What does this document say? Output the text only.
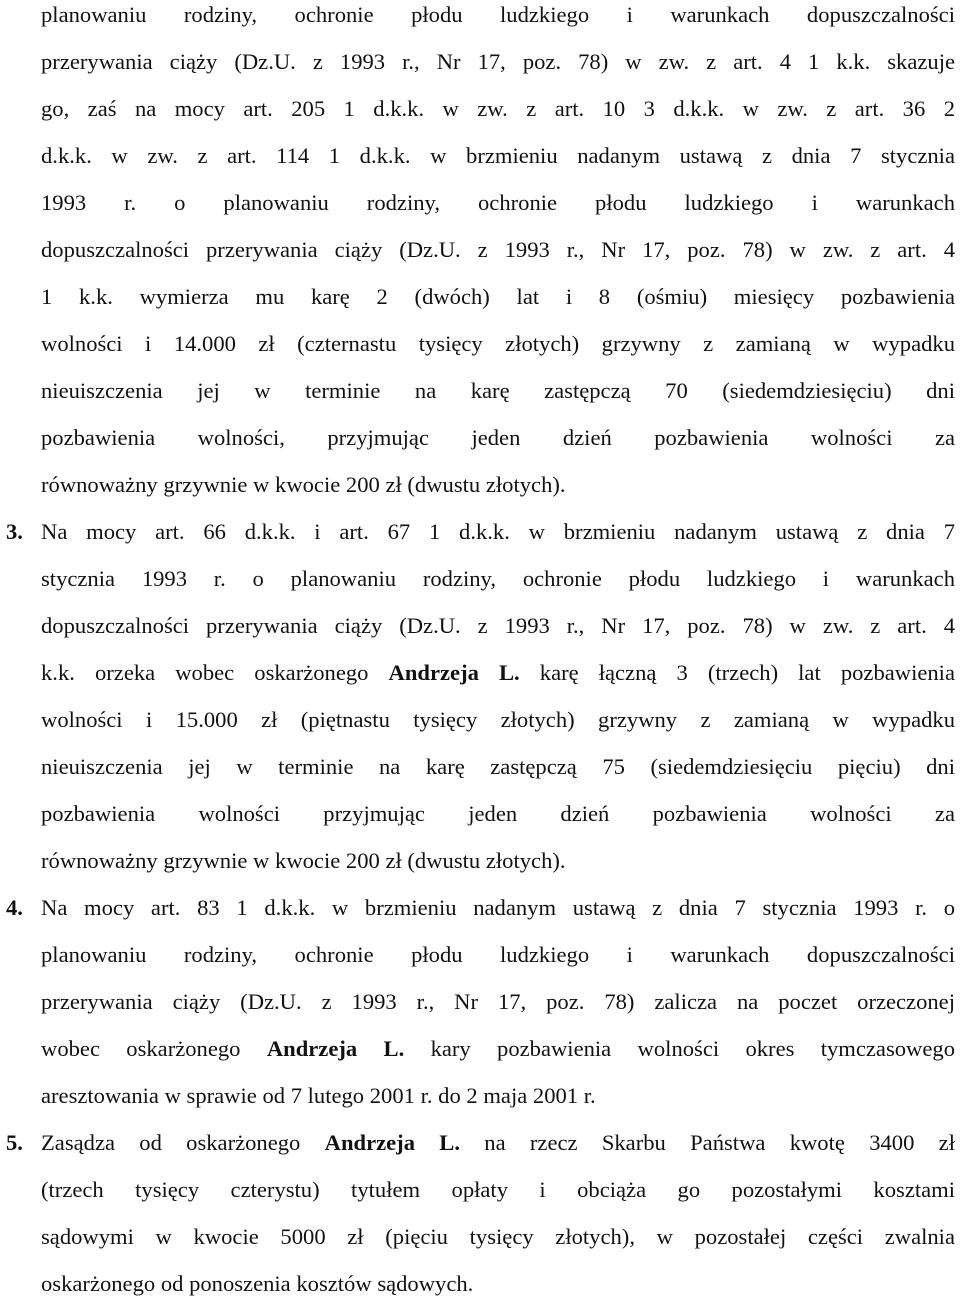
planowaniu rodziny, ochronie płodu ludzkiego i warunkach dopuszczalności
przerywania ciąży (Dz.U. z 1993 r., Nr 17, poz. 78) w zw. z art. 4 1 k.k. skazuje
go, zaś na mocy art. 205 1 d.k.k. w zw. z art. 10 3 d.k.k. w zw. z art. 36 2
d.k.k. w zw. z art. 114 1 d.k.k. w brzmieniu nadanym ustawą z dnia 7 stycznia
1993 r. o planowaniu rodziny, ochronie płodu ludzkiego i warunkach
dopuszczalności przerywania ciąży (Dz.U. z 1993 r., Nr 17, poz. 78) w zw. z art. 4
1 k.k. wymierza mu karę 2 (dwóch) lat i 8 (ośmiu) miesięcy pozbawienia
wolności i 14.000 zł (czternastu tysięcy złotych) grzywny z zamianą w wypadku
nieuiszczenia jej w terminie na karę zastępczą 70 (siedemdziesięciu) dni
pozbawienia wolności, przyjmując jeden dzień pozbawienia wolności za
równoważny grzywnie w kwocie 200 zł (dwustu złotych).
3. Na mocy art. 66 d.k.k. i art. 67 1 d.k.k. w brzmieniu nadanym ustawą z dnia 7
stycznia 1993 r. o planowaniu rodziny, ochronie płodu ludzkiego i warunkach
dopuszczalności przerywania ciąży (Dz.U. z 1993 r., Nr 17, poz. 78) w zw. z art. 4
k.k. orzeka wobec oskarżonego Andrzeja L. karę łączną 3 (trzech) lat pozbawienia
wolności i 15.000 zł (piętnastu tysięcy złotych) grzywny z zamianą w wypadku
nieuiszczenia jej w terminie na karę zastępczą 75 (siedemdziesięciu pięciu) dni
pozbawienia wolności przyjmując jeden dzień pozbawienia wolności za
równoważny grzywnie w kwocie 200 zł (dwustu złotych).
4. Na mocy art. 83 1 d.k.k. w brzmieniu nadanym ustawą z dnia 7 stycznia 1993 r. o
planowaniu rodziny, ochronie płodu ludzkiego i warunkach dopuszczalności
przerywania ciąży (Dz.U. z 1993 r., Nr 17, poz. 78) zalicza na poczet orzeczonej
wobec oskarżonego Andrzeja L. kary pozbawienia wolności okres tymczasowego
aresztowania w sprawie od 7 lutego 2001 r. do 2 maja 2001 r.
5. Zasądza od oskarżonego Andrzeja L. na rzecz Skarbu Państwa kwotę 3400 zł
(trzech tysięcy czterystu) tytułem opłaty i obciąża go pozostałymi kosztami
sądowymi w kwocie 5000 zł (pięciu tysięcy złotych), w pozostałej części zwalnia
oskarżonego od ponoszenia kosztów sądowych.
